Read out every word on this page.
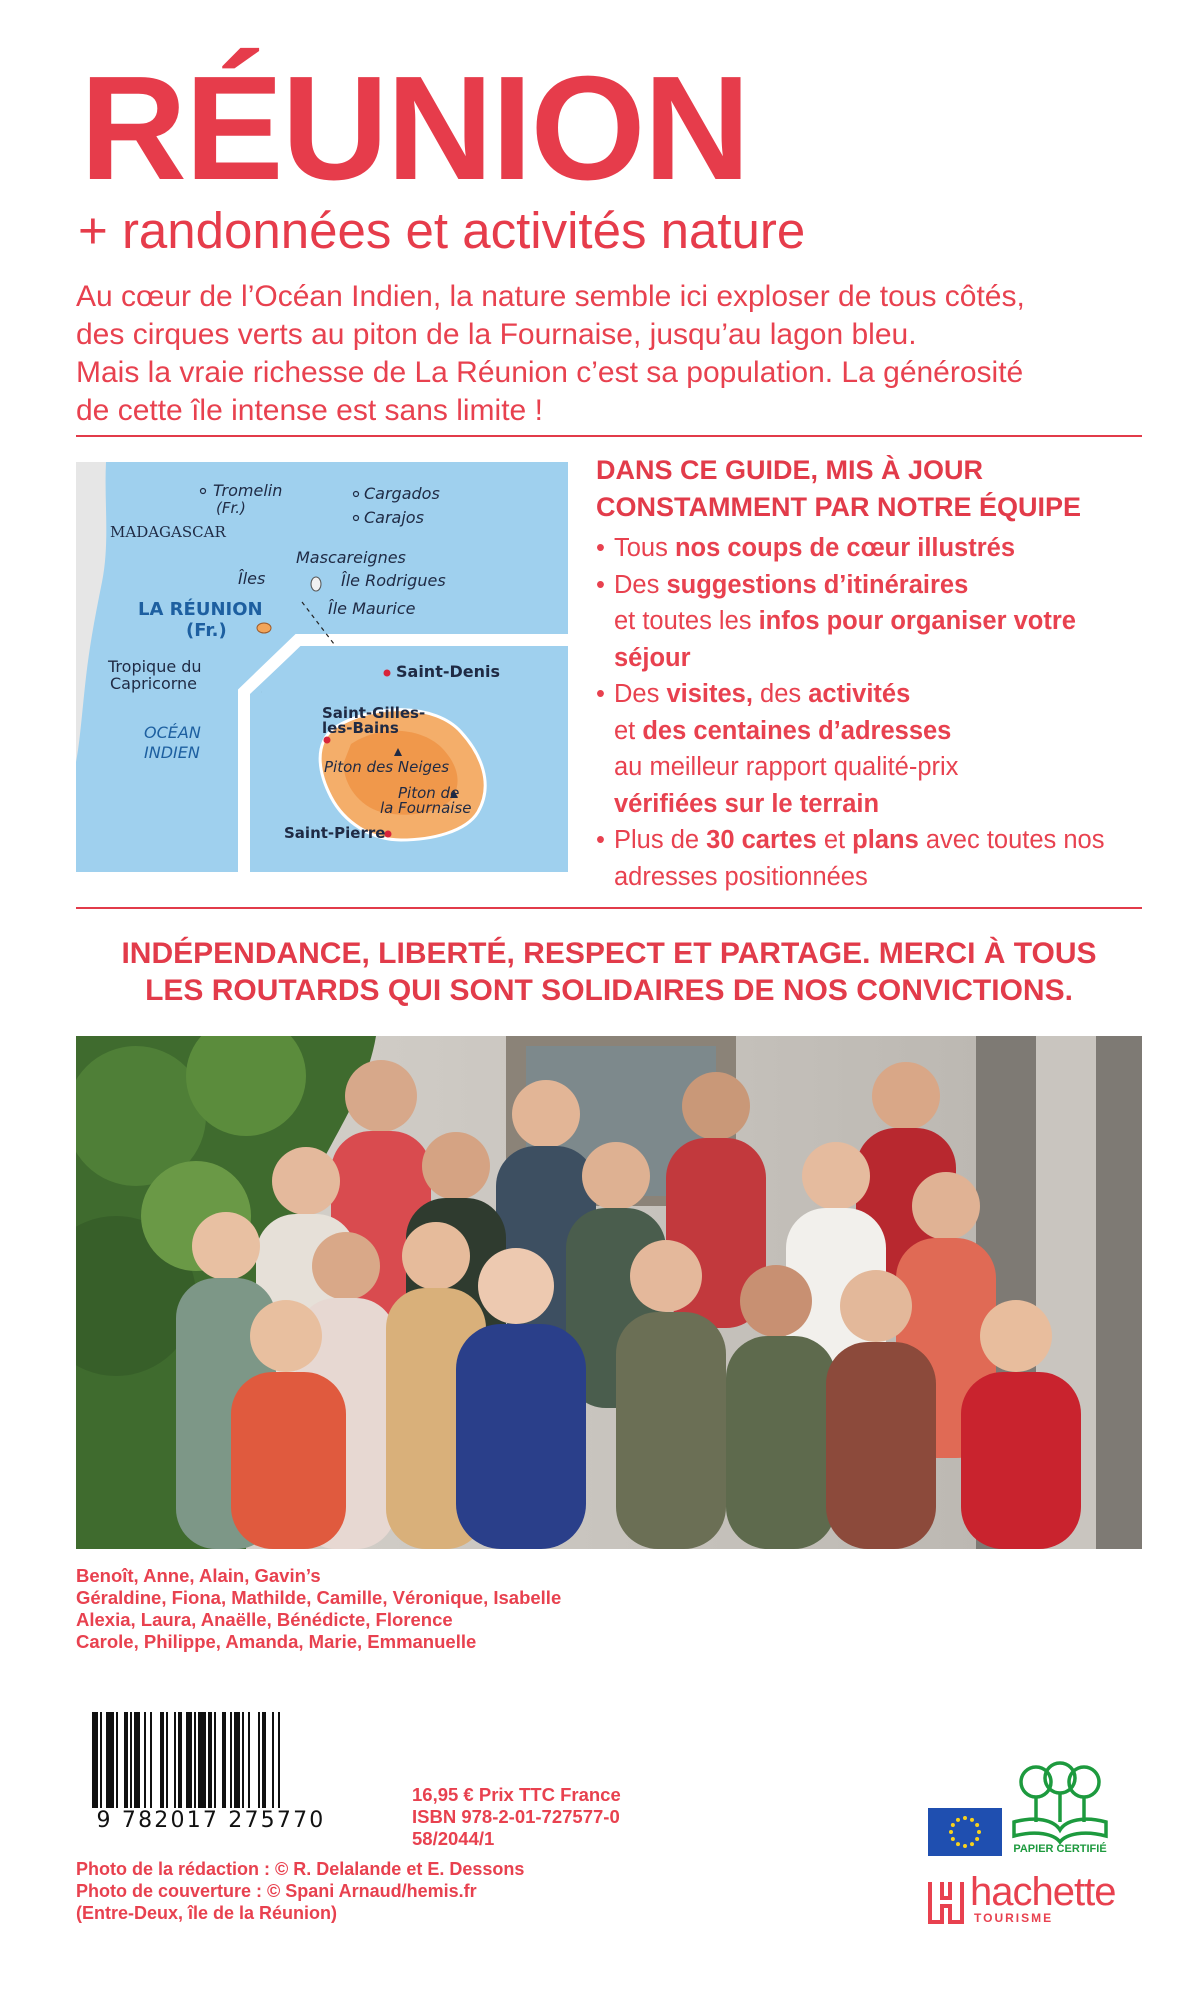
RÉUNION
+ randonnées et activités nature
Au cœur de l’Océan Indien, la nature semble ici exploser de tous côtés,
des cirques verts au piton de la Fournaise, jusqu’au lagon bleu.
Mais la vraie richesse de La Réunion c’est sa population. La générosité
de cette île intense est sans limite !
Tromelin
(Fr.)
Cargados
Carajos
MADAGASCAR
Mascareignes
Îles	Île Rodrigues
Île Maurice
LA RÉUNION
(Fr.)
Tropique du
Capricorne
OCÉAN
INDIEN
Saint-Denis
Saint-Gilles-
les-Bains
Piton des Neiges
Piton de
la Fournaise
Saint-Pierre
DANS CE GUIDE, MIS À JOUR
CONSTAMMENT PAR NOTRE ÉQUIPE
• Tous nos coups de cœur illustrés
• Des suggestions d’itinéraires
et toutes les infos pour organiser votre séjour
• Des visites, des activités
et des centaines d’adresses
au meilleur rapport qualité-prix
vérifiées sur le terrain
• Plus de 30 cartes et plans avec toutes nos adresses positionnées
INDÉPENDANCE, LIBERTÉ, RESPECT ET PARTAGE. MERCI À TOUS
LES ROUTARDS QUI SONT SOLIDAIRES DE NOS CONVICTIONS.
Benoît, Anne, Alain, Gavin’s
Géraldine, Fiona, Mathilde, Camille, Véronique, Isabelle
Alexia, Laura, Anaëlle, Bénédicte, Florence
Carole, Philippe, Amanda, Marie, Emmanuelle
9 782017 275770
16,95 € Prix TTC France
ISBN 978-2-01-727577-0
58/2044/1
Photo de la rédaction : © R. Delalande et E. Dessons
Photo de couverture : © Spani Arnaud/hemis.fr
(Entre-Deux, île de la Réunion)
PAPIER CERTIFIÉ
hachette
TOURISME
